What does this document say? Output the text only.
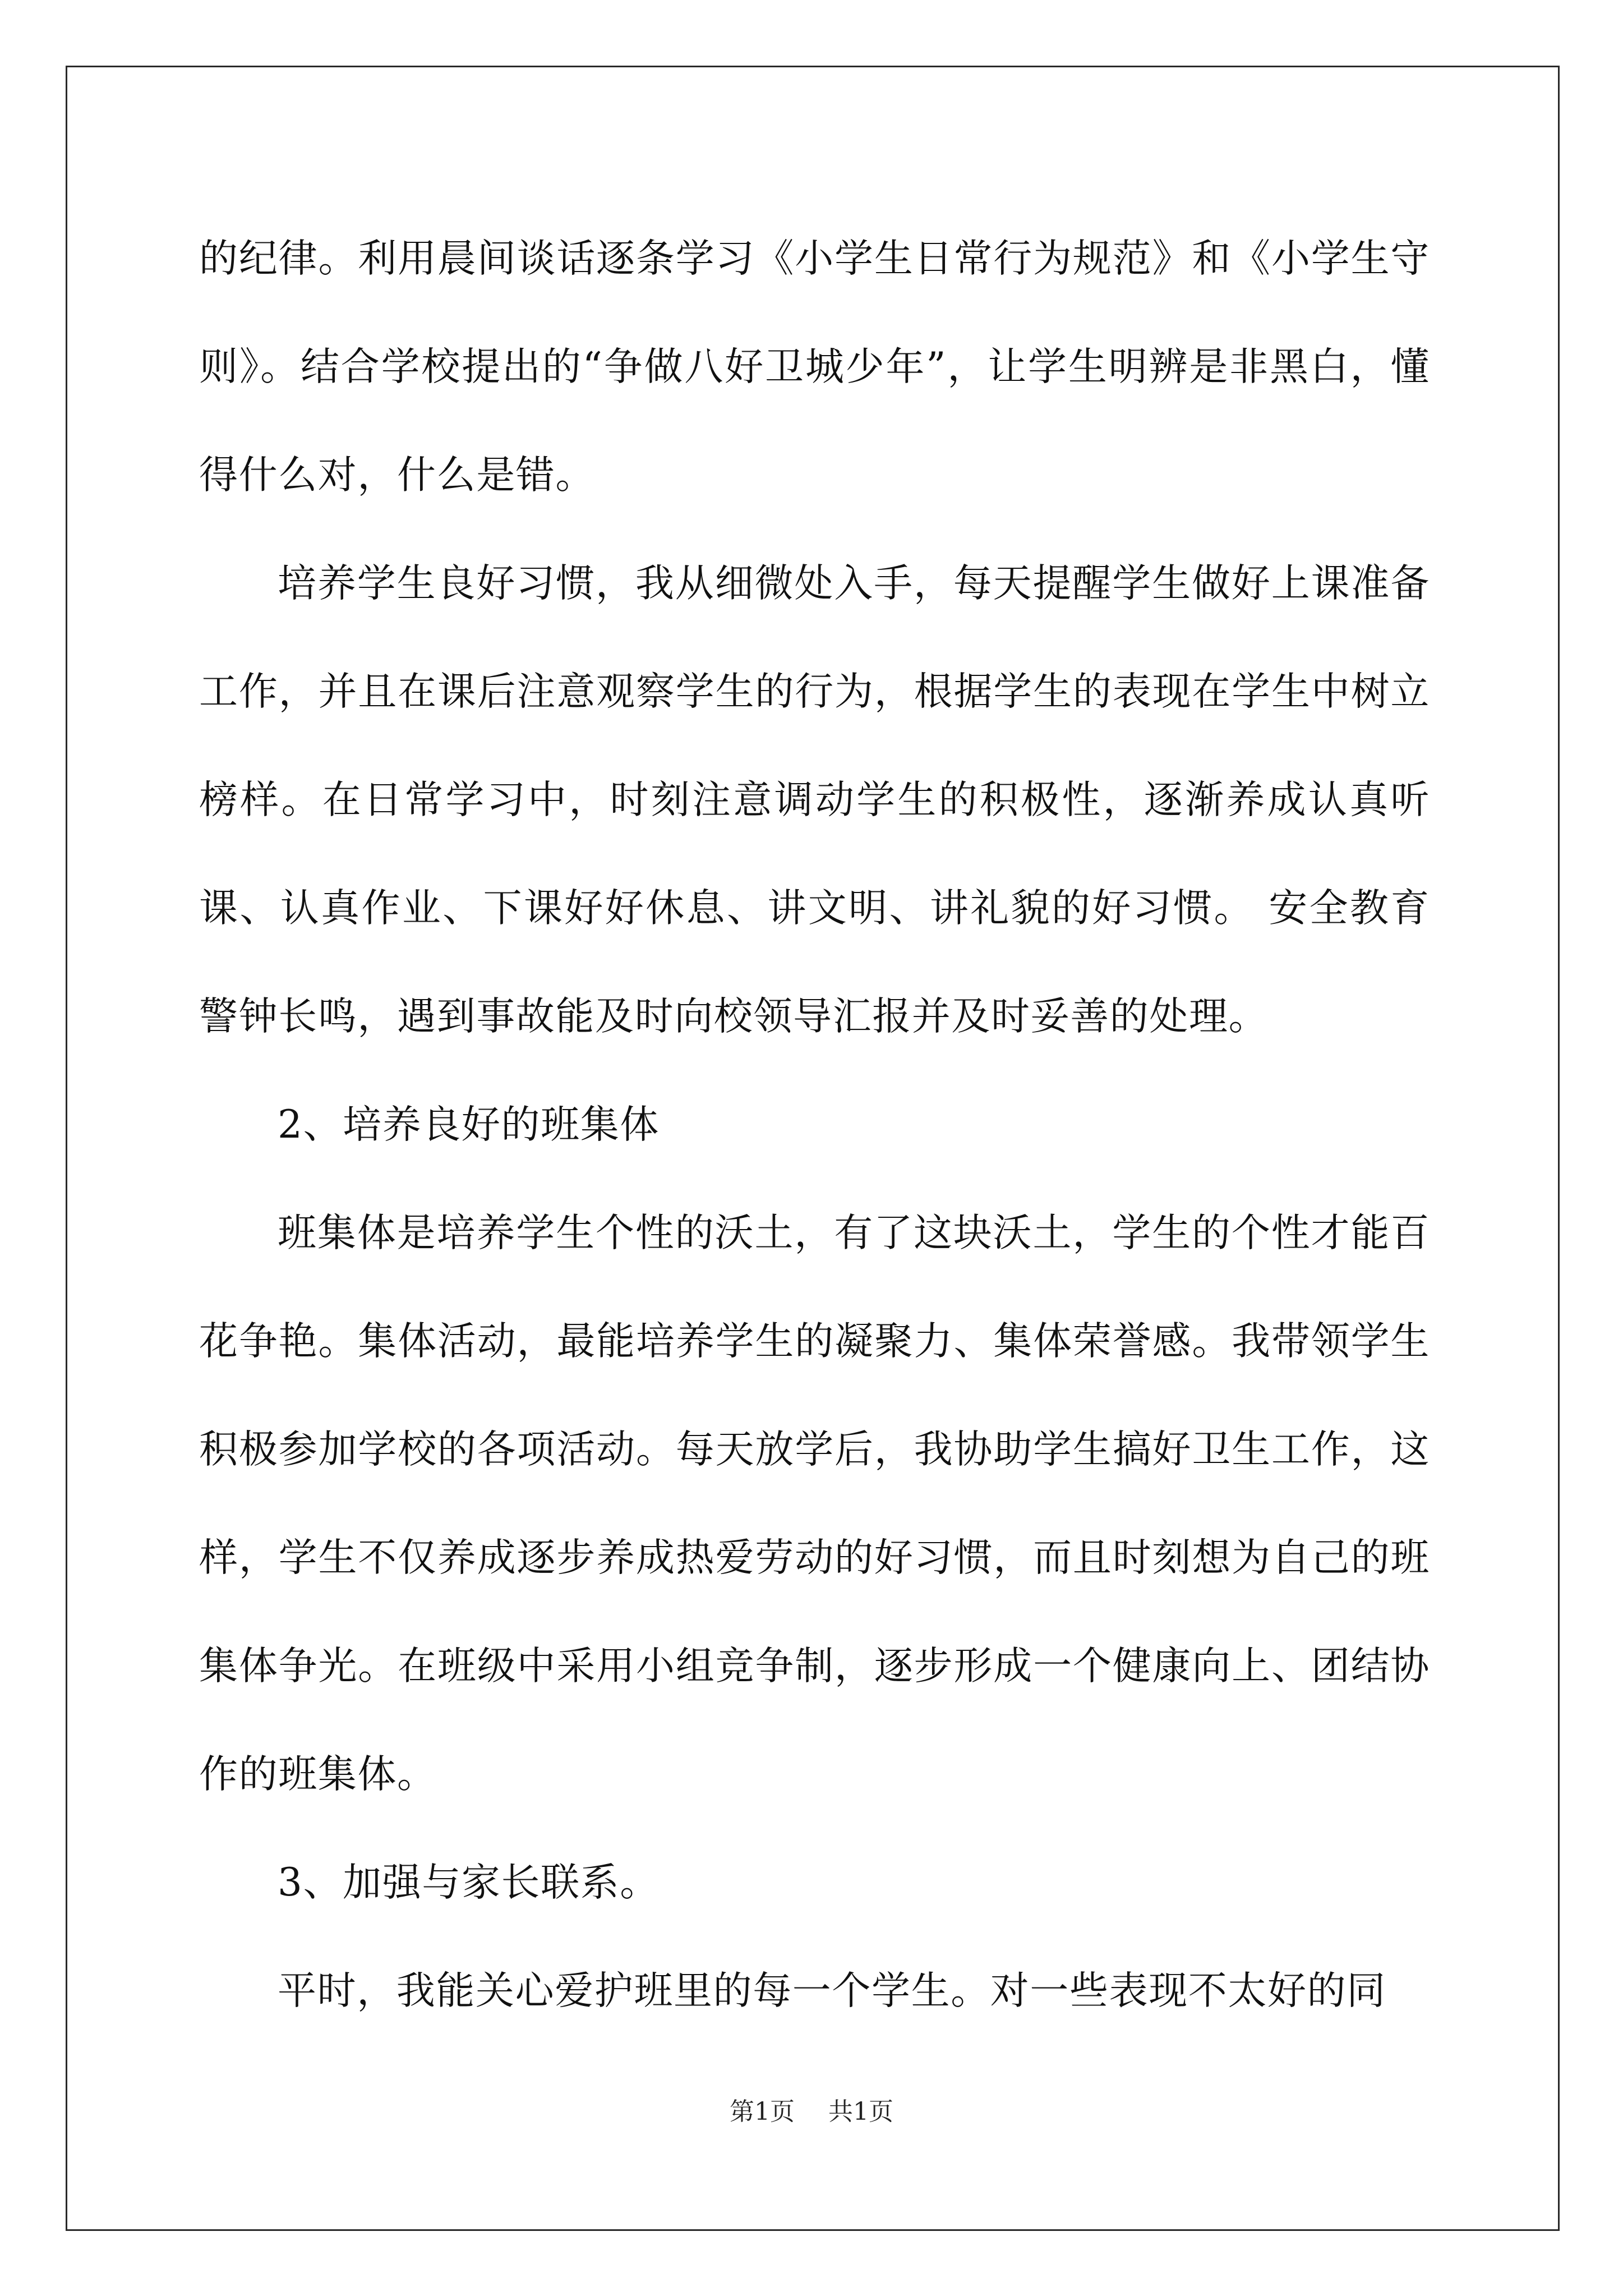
的纪律。利用晨间谈话逐条学习《小学生日常行为规范》和《小学生守则》。结合学校提出的“争做八好卫城少年”，让学生明辨是非黑白，懂得什么对，什么是错。

培养学生良好习惯，我从细微处入手，每天提醒学生做好上课准备工作，并且在课后注意观察学生的行为，根据学生的表现在学生中树立榜样。在日常学习中，时刻注意调动学生的积极性，逐渐养成认真听课、认真作业、下课好好休息、讲文明、讲礼貌的好习惯。 安全教育警钟长鸣，遇到事故能及时向校领导汇报并及时妥善的处理。

2、培养良好的班集体

班集体是培养学生个性的沃土，有了这块沃土，学生的个性才能百花争艳。集体活动，最能培养学生的凝聚力、集体荣誉感。我带领学生积极参加学校的各项活动。每天放学后，我协助学生搞好卫生工作，这样，学生不仅养成逐步养成热爱劳动的好习惯，而且时刻想为自己的班集体争光。在班级中采用小组竞争制，逐步形成一个健康向上、团结协作的班集体。

3、加强与家长联系。

平时，我能关心爱护班里的每一个学生。对一些表现不太好的同

第1页 共1页
